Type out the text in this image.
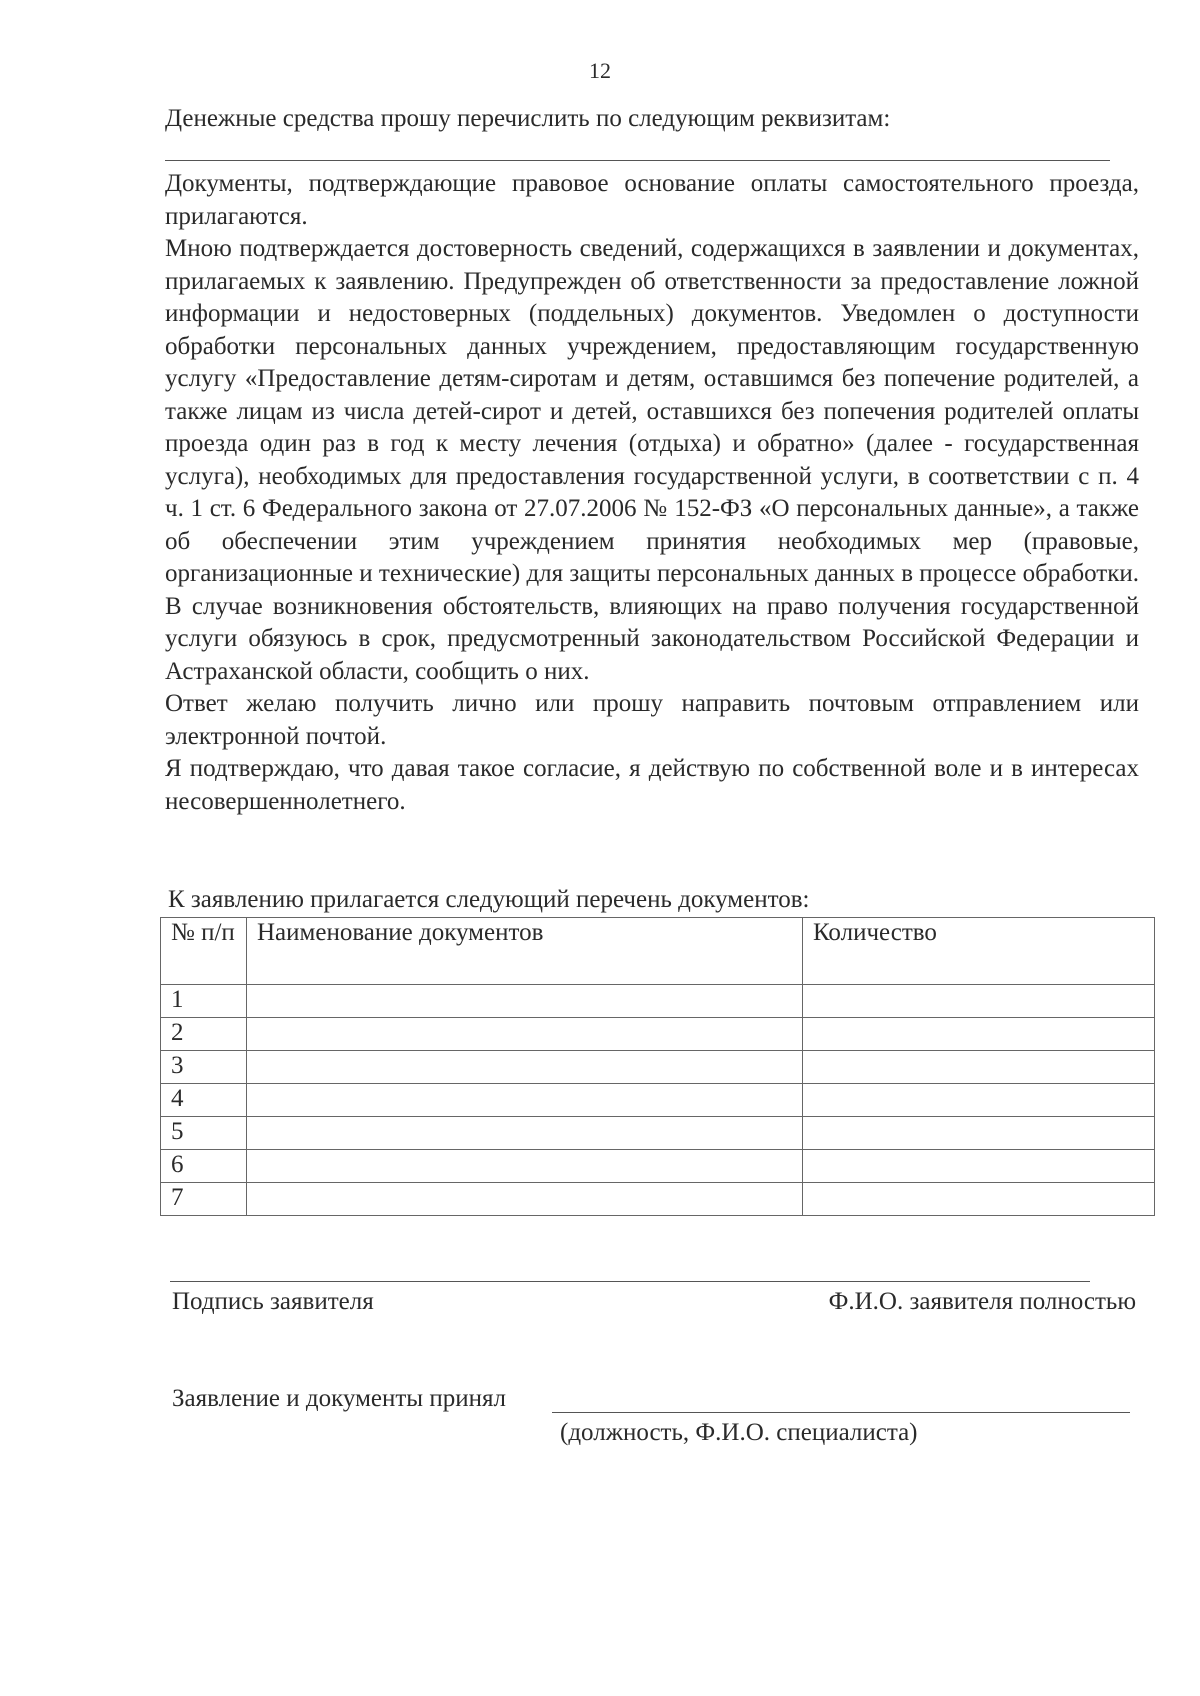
12
Денежные средства прошу перечислить по следующим реквизитам:

Документы, подтверждающие правовое основание оплаты самостоятельного проезда, прилагаются.

Мною подтверждается достоверность сведений, содержащихся в заявлении и документах, прилагаемых к заявлению. Предупрежден об ответственности за предоставление ложной информации и недостоверных (поддельных) документов. Уведомлен о доступности обработки персональных данных учреждением, предоставляющим государственную услугу «Предоставление детям-сиротам и детям, оставшимся без попечение родителей, а также лицам из числа детей-сирот и детей, оставшихся без попечения родителей оплаты проезда один раз в год к месту лечения (отдыха) и обратно» (далее - государственная услуга), необходимых для предоставления государственной услуги, в соответствии с п. 4 ч. 1 ст. 6 Федерального закона от 27.07.2006 № 152-ФЗ «О персональных данные», а также об обеспечении этим учреждением принятия необходимых мер (правовые, организационные и технические) для защиты персональных данных в процессе обработки. В случае возникновения обстоятельств, влияющих на право получения государственной услуги обязуюсь в срок, предусмотренный законодательством Российской Федерации и Астраханской области, сообщить о них.

Ответ желаю получить лично или прошу направить почтовым отправлением или электронной почтой.

Я подтверждаю, что давая такое согласие, я действую по собственной воле и в интересах несовершеннолетнего.

К заявлению прилагается следующий перечень документов:
№ п/п	Наименование документов	Количество
1		
2		
3		
4		
5		
6		
7		
Подпись заявителя	Ф.И.О. заявителя полностью
Заявление и документы принял
(должность, Ф.И.О. специалиста)
